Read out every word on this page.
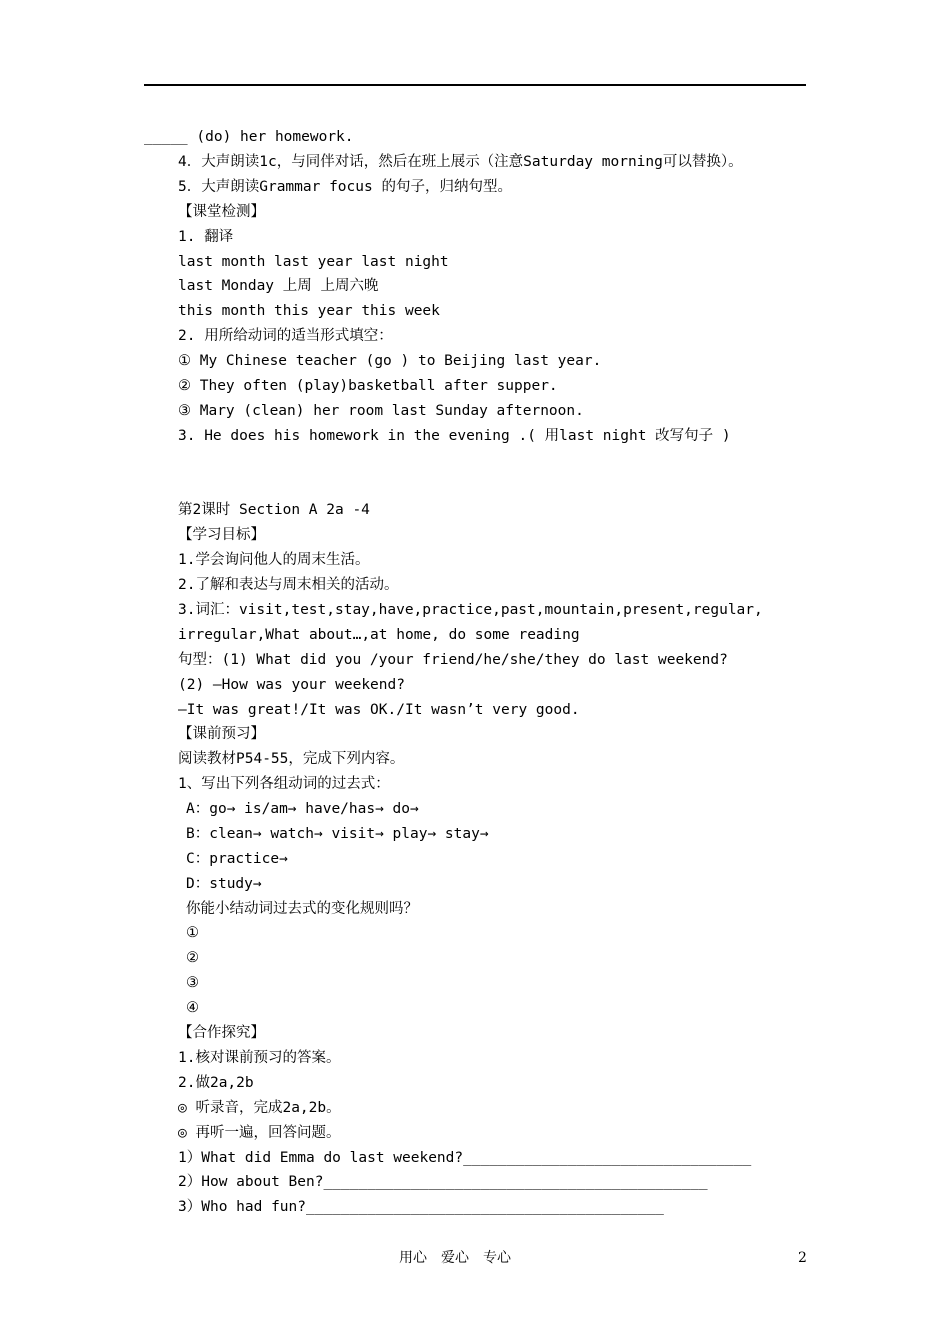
_____ (do) her homework.
4．大声朗读1c，与同伴对话，然后在班上展示（注意Saturday morning可以替换）。
5．大声朗读Grammar focus 的句子，归纳句型。
【课堂检测】
1. 翻译
last month last year last night
last Monday 上周 上周六晚
this month this year this week
2. 用所给动词的适当形式填空：
① My Chinese teacher (go ) to Beijing last year.
② They often (play)basketball after supper.
③ Mary (clean) her room last Sunday afternoon.
3. He does his homework in the evening .( 用last night 改写句子 )
第2课时 Section A 2a -4
【学习目标】
1.学会询问他人的周末生活。
2.了解和表达与周末相关的活动。
3.词汇：visit,test,stay,have,practice,past,mountain,present,regular,
irregular,What about…,at home, do some reading
句型：(1) What did you /your friend/he/she/they do last weekend?
(2) —How was your weekend?
—It was great!/It was OK./It wasn’t very good.
【课前预习】
阅读教材P54-55，完成下列内容。
1、写出下列各组动词的过去式：
A：go→ is/am→ have/has→ do→
B：clean→ watch→ visit→ play→ stay→
C：practice→
D：study→
你能小结动词过去式的变化规则吗？
①
②
③
④
【合作探究】
1.核对课前预习的答案。
2.做2a,2b
◎ 听录音，完成2a,2b。
◎ 再听一遍，回答问题。
1）What did Emma do last weekend?_________________________________
2）How about Ben?____________________________________________
3）Who had fun?_________________________________________
用心　爱心　专心	2
